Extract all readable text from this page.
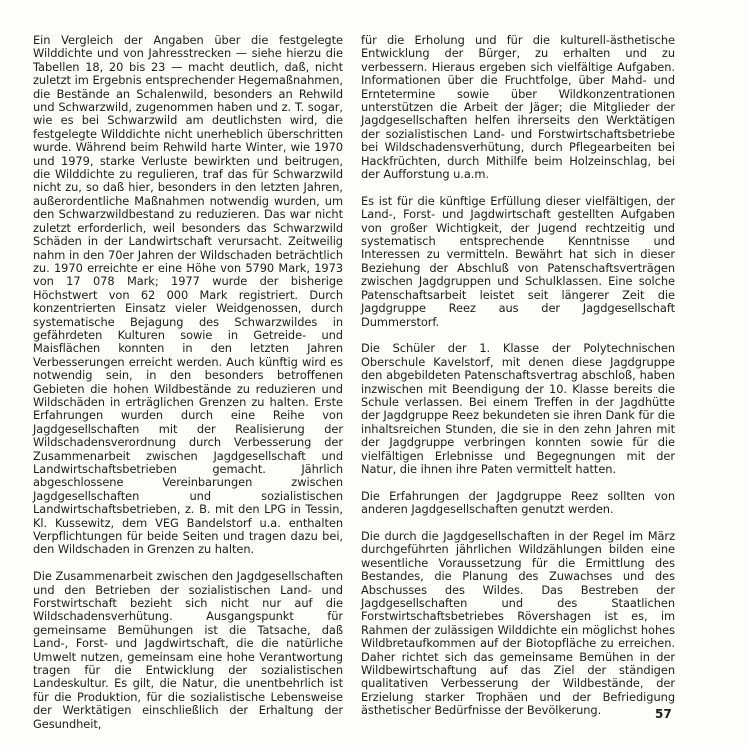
Ein Vergleich der Angaben über die festgelegte Wilddichte und von Jahresstrecken — siehe hierzu die Tabellen 18, 20 bis 23 — macht deutlich, daß, nicht zuletzt im Ergebnis entsprechender Hegemaßnahmen, die Bestände an Schalenwild, besonders an Rehwild und Schwarzwild, zugenommen haben und z. T. sogar, wie es bei Schwarzwild am deutlichsten wird, die festgelegte Wilddichte nicht unerheblich überschritten wurde. Während beim Rehwild harte Winter, wie 1970 und 1979, starke Verluste bewirkten und beitrugen, die Wilddichte zu regulieren, traf das für Schwarzwild nicht zu, so daß hier, besonders in den letzten Jahren, außerordentliche Maßnahmen notwendig wurden, um den Schwarzwildbestand zu reduzieren. Das war nicht zuletzt erforderlich, weil besonders das Schwarzwild Schäden in der Landwirtschaft verursacht. Zeitweilig nahm in den 70er Jahren der Wildschaden beträchtlich zu. 1970 erreichte er eine Höhe von 5790 Mark, 1973 von 17 078 Mark; 1977 wurde der bisherige Höchstwert von 62 000 Mark registriert. Durch konzentrierten Einsatz vieler Weidgenossen, durch systematische Bejagung des Schwarzwildes in gefährdeten Kulturen sowie in Getreide- und Maisflächen konnten in den letzten Jahren Verbesserungen erreicht werden. Auch künftig wird es notwendig sein, in den besonders betroffenen Gebieten die hohen Wildbestände zu reduzieren und Wildschäden in erträglichen Grenzen zu halten. Erste Erfahrungen wurden durch eine Reihe von Jagdgesellschaften mit der Realisierung der Wildschadensverordnung durch Verbesserung der Zusammenarbeit zwischen Jagdgesellschaft und Landwirtschaftsbetrieben gemacht. Jährlich abgeschlossene Vereinbarungen zwischen Jagdgesellschaften und sozialistischen Landwirtschaftsbetrieben, z. B. mit den LPG in Tessin, Kl. Kussewitz, dem VEG Bandelstorf u.a. enthalten Verpflichtungen für beide Seiten und tragen dazu bei, den Wildschaden in Grenzen zu halten.

Die Zusammenarbeit zwischen den Jagdgesellschaften und den Betrieben der sozialistischen Land- und Forstwirtschaft bezieht sich nicht nur auf die Wildschadensverhütung. Ausgangspunkt für gemeinsame Bemühungen ist die Tatsache, daß Land-, Forst- und Jagdwirtschaft, die die natürliche Umwelt nutzen, gemeinsam eine hohe Verantwortung tragen für die Entwicklung der sozialistischen Landeskultur. Es gilt, die Natur, die unentbehrlich ist für die Produktion, für die sozialistische Lebensweise der Werktätigen einschließlich der Erhaltung der Gesundheit,

für die Erholung und für die kulturell-ästhetische Entwicklung der Bürger, zu erhalten und zu verbessern. Hieraus ergeben sich vielfältige Aufgaben. Informationen über die Fruchtfolge, über Mahd- und Erntetermine sowie über Wildkonzentrationen unterstützen die Arbeit der Jäger; die Mitglieder der Jagdgesellschaften helfen ihrerseits den Werktätigen der sozialistischen Land- und Forstwirtschaftsbetriebe bei Wildschadensverhütung, durch Pflegearbeiten bei Hackfrüchten, durch Mithilfe beim Holzeinschlag, bei der Aufforstung u.a.m.

Es ist für die künftige Erfüllung dieser vielfältigen, der Land-, Forst- und Jagdwirtschaft gestellten Aufgaben von großer Wichtigkeit, der Jugend rechtzeitig und systematisch entsprechende Kenntnisse und Interessen zu vermitteln. Bewährt hat sich in dieser Beziehung der Abschluß von Patenschaftsverträgen zwischen Jagdgruppen und Schulklassen. Eine solche Patenschaftsarbeit leistet seit längerer Zeit die Jagdgruppe Reez aus der Jagdgesellschaft Dummerstorf.

Die Schüler der 1. Klasse der Polytechnischen Oberschule Kavelstorf, mit denen diese Jagdgruppe den abgebildeten Patenschaftsvertrag abschloß, haben inzwischen mit Beendigung der 10. Klasse bereits die Schule verlassen. Bei einem Treffen in der Jagdhütte der Jagdgruppe Reez bekundeten sie ihren Dank für die inhaltsreichen Stunden, die sie in den zehn Jahren mit der Jagdgruppe verbringen konnten sowie für die vielfältigen Erlebnisse und Begegnungen mit der Natur, die ihnen ihre Paten vermittelt hatten.

Die Erfahrungen der Jagdgruppe Reez sollten von anderen Jagdgesellschaften genutzt werden.

Die durch die Jagdgesellschaften in der Regel im März durchgeführten jährlichen Wildzählungen bilden eine wesentliche Voraussetzung für die Ermittlung des Bestandes, die Planung des Zuwachses und des Abschusses des Wildes. Das Bestreben der Jagdgesellschaften und des Staatlichen Forstwirtschaftsbetriebes Rövershagen ist es, im Rahmen der zulässigen Wilddichte ein möglichst hohes Wildbretaufkommen auf der Biotopfläche zu erreichen. Daher richtet sich das gemeinsame Bemühen in der Wildbewirtschaftung auf das Ziel der ständigen qualitativen Verbesserung der Wildbestände, der Erzielung starker Trophäen und der Befriedigung ästhetischer Bedürfnisse der Bevölkerung.	57
